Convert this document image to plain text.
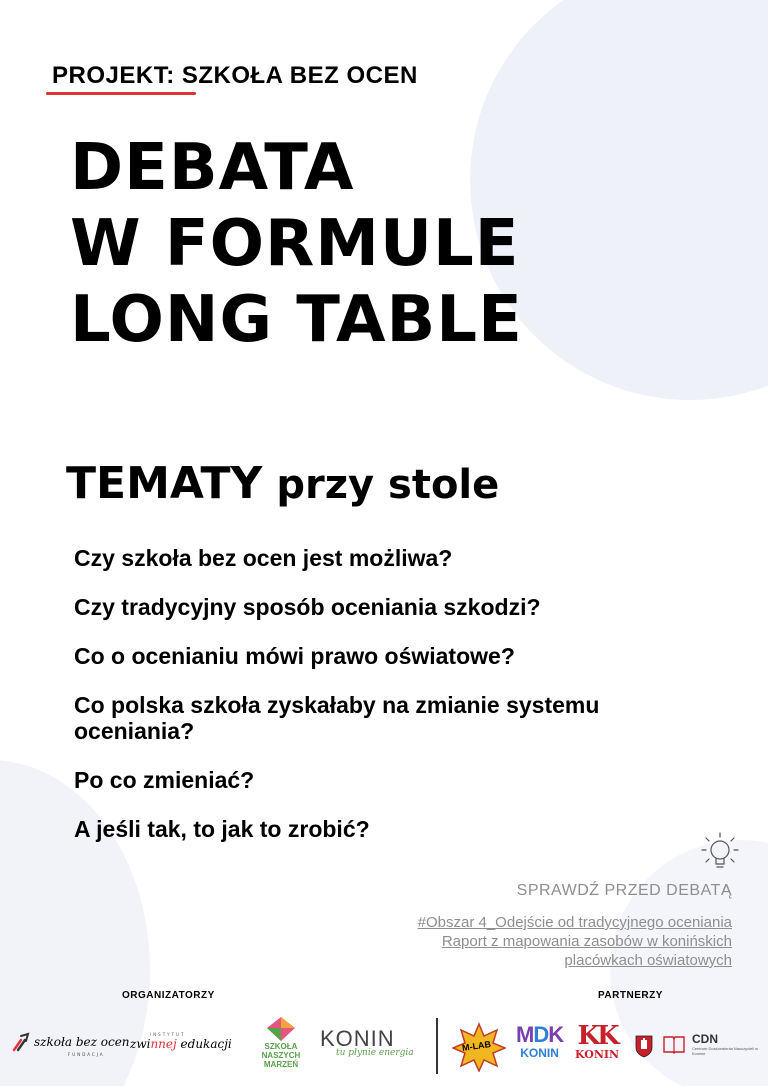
PROJEKT: SZKOŁA BEZ OCEN
DEBATA
W FORMULE
LONG TABLE
TEMATY przy stole
Czy szkoła bez ocen jest możliwa?
Czy tradycyjny sposób oceniania szkodzi?
Co o ocenianiu mówi prawo oświatowe?
Co polska szkoła zyskałaby na zmianie systemu oceniania?
Po co zmieniać?
A jeśli tak, to jak to zrobić?
SPRAWDŹ PRZED DEBATĄ
#Obszar 4_Odejście od tradycyjnego oceniania
Raport z mapowania zasobów w konińskich
placówkach oświatowych
ORGANIZATORZY	PARTNERZY
szkoła bez ocen
FUNDACJA
INSTYTUT
zwinnej edukacji	SZKOŁA
NASZYCH
MARZEŃ
KONIN
tu płynie energia
M-LAB MDK
KONIN
KK
KONIN
CDN
Centrum Doskonalenia Nauczycieli w Koninie
